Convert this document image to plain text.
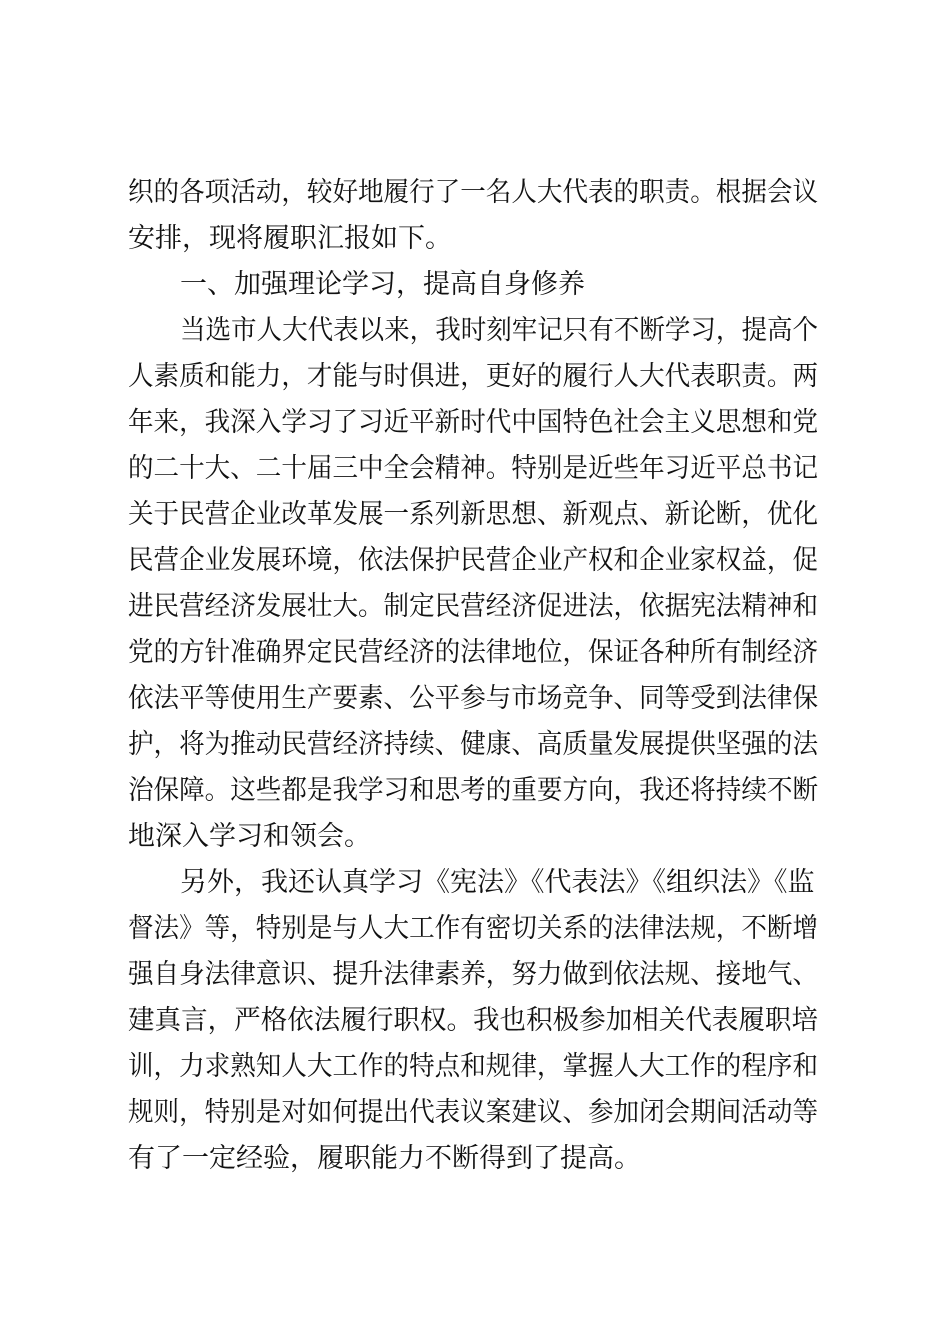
织的各项活动，较好地履行了一名人大代表的职责。根据会议
安排，现将履职汇报如下。
一、加强理论学习，提高自身修养
当选市人大代表以来，我时刻牢记只有不断学习，提高个
人素质和能力，才能与时俱进，更好的履行人大代表职责。两
年来，我深入学习了习近平新时代中国特色社会主义思想和党
的二十大、二十届三中全会精神。特别是近些年习近平总书记
关于民营企业改革发展一系列新思想、新观点、新论断，优化
民营企业发展环境，依法保护民营企业产权和企业家权益，促
进民营经济发展壮大。制定民营经济促进法，依据宪法精神和
党的方针准确界定民营经济的法律地位，保证各种所有制经济
依法平等使用生产要素、公平参与市场竞争、同等受到法律保
护，将为推动民营经济持续、健康、高质量发展提供坚强的法
治保障。这些都是我学习和思考的重要方向，我还将持续不断
地深入学习和领会。
另外，我还认真学习《宪法》《代表法》《组织法》《监
督法》等，特别是与人大工作有密切关系的法律法规，不断增
强自身法律意识、提升法律素养，努力做到依法规、接地气、
建真言，严格依法履行职权。我也积极参加相关代表履职培
训，力求熟知人大工作的特点和规律，掌握人大工作的程序和
规则，特别是对如何提出代表议案建议、参加闭会期间活动等
有了一定经验，履职能力不断得到了提高。
